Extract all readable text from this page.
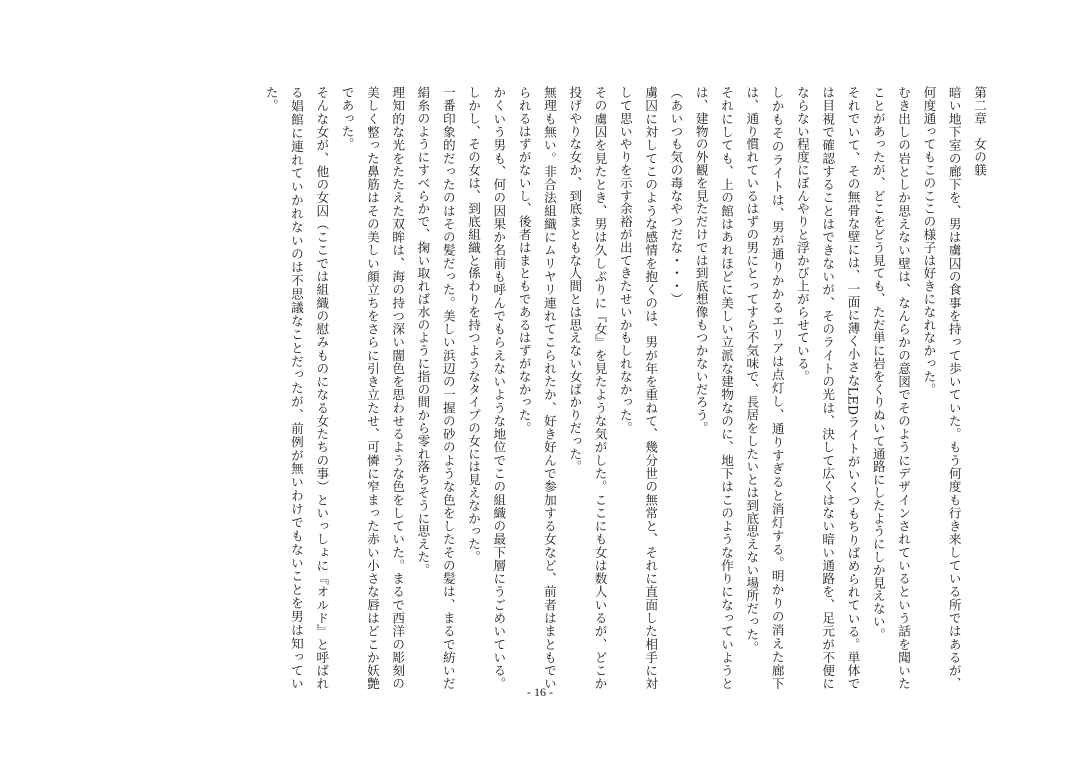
第二章　女の躾

暗い地下室の廊下を、男は虜囚の食事を持って歩いていた。もう何度も行き来している所ではあるが、何度通ってもこのここの様子は好きになれなかった。

むき出しの岩としか思えない壁は、なんらかの意図でそのようにデザインされているという話を聞いたことがあったが、どこをどう見ても、ただ単に岩をくりぬいて通路にしたようにしか見えない。

それでいて、その無骨な壁には、一面に薄く小さなLEDライトがいくつもちりばめられている。単体では目視で確認することはできないが、そのライトの光は、決して広くはない暗い通路を、足元が不便にならない程度にぼんやりと浮かび上がらせている。

しかもそのライトは、男が通りかかるエリアは点灯し、通りすぎると消灯する。明かりの消えた廊下は、通り慣れているはずの男にとってすら不気味で、長居をしたいとは到底思えない場所だった。

それにしても、上の館はあれほどに美しい立派な建物なのに、地下はこのような作りになっていようとは、建物の外観を見ただけでは到底想像もつかないだろう。

（あいつも気の毒なやつだな・・・）

虜囚に対してこのような感情を抱くのは、男が年を重ねて、幾分世の無常と、それに直面した相手に対して思いやりを示す余裕が出てきたせいかもしれなかった。

その虜囚を見たとき、男は久しぶりに『女』を見たような気がした。ここにも女は数人いるが、どこか投げやりな女か、到底まともな人間とは思えない女ばかりだった。

無理も無い。非合法組織にムリヤリ連れてこられたか、好き好んで参加する女など、前者はまともでいられるはずがないし、後者はまともであるはずがなかった。

かくいう男も、何の因果か名前も呼んでもらえないような地位でこの組織の最下層にうごめいている。しかし、その女は、到底組織と係わりを持つようなタイプの女には見えなかった。

一番印象的だったのはその髪だった。美しい浜辺の一握の砂のような色をしたその髪は、まるで紡いだ絹糸のようにすべらかで、掬い取れば水のように指の間から零れ落ちそうに思えた。

理知的な光をたたえた双眸は、海の持つ深い闇色を思わせるような色をしていた。まるで西洋の彫刻の美しく整った鼻筋はその美しい顔立ちをさらに引き立たせ、可憐に窄まった赤い小さな唇はどこか妖艶であった。

そんな女が、他の女囚（ここでは組織の慰みものになる女たちの事）といっしょに『オルド』と呼ばれる娼館に連れていかれないのは不思議なことだったが、前例が無いわけでもないことを男は知っていた。

- 16 -
